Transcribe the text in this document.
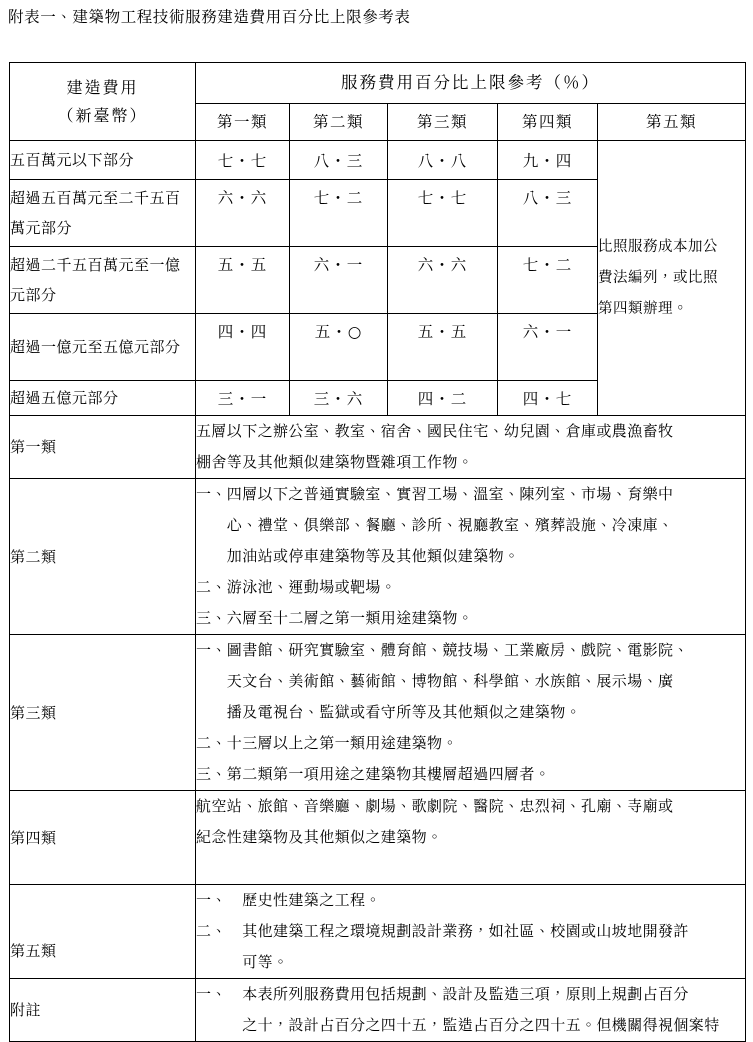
附表一、建築物工程技術服務建造費用百分比上限參考表
建造費用
（新臺幣）	服務費用百分比上限參考（％）				
	第一類	第二類	第三類	第四類	第五類
五百萬元以下部分	七・七	八・三	八・八	九・四	比照服務成本加公
費法編列，或比照
第四類辦理。

超過五百萬元至二千五百萬元部分	六・六	七・二	七・七	八・三	
超過二千五百萬元至一億元部分	五・五	六・一	六・六	七・二	
超過一億元至五億元部分	四・四	五・○	五・五	六・一	
超過五億元部分	三・一	三・六	四・二	四・七	
第一類	五層以下之辦公室、教室、宿舍、國民住宅、幼兒園、倉庫或農漁畜牧

棚舍等及其他類似建築物暨雜項工作物。				

第二類	一、四層以下之普通實驗室、實習工場、溫室、陳列室、市場、育樂中

　　心、禮堂、俱樂部、餐廳、診所、視廳教室、殯葬設施、冷凍庫、

　　加油站或停車建築物等及其他類似建築物。

二、游泳池、運動場或靶場。

三、六層至十二層之第一類用途建築物。				

第三類	一、圖書館、研究實驗室、體育館、競技場、工業廠房、戲院、電影院、

　　天文台、美術館、藝術館、博物館、科學館、水族館、展示場、廣

　　播及電視台、監獄或看守所等及其他類似之建築物。

二、十三層以上之第一類用途建築物。

三、第二類第一項用途之建築物其樓層超過四層者。				

第四類	航空站、旅館、音樂廳、劇場、歌劇院、醫院、忠烈祠、孔廟、寺廟或

紀念性建築物及其他類似之建築物。				

第五類	一、　歷史性建築之工程。

二、　其他建築工程之環境規劃設計業務，如社區、校園或山坡地開發許

　　　可等。				

附註	一、　本表所列服務費用包括規劃、設計及監造三項，原則上規劃占百分

　　　之十，設計占百分之四十五，監造占百分之四十五。但機關得視個案特				
